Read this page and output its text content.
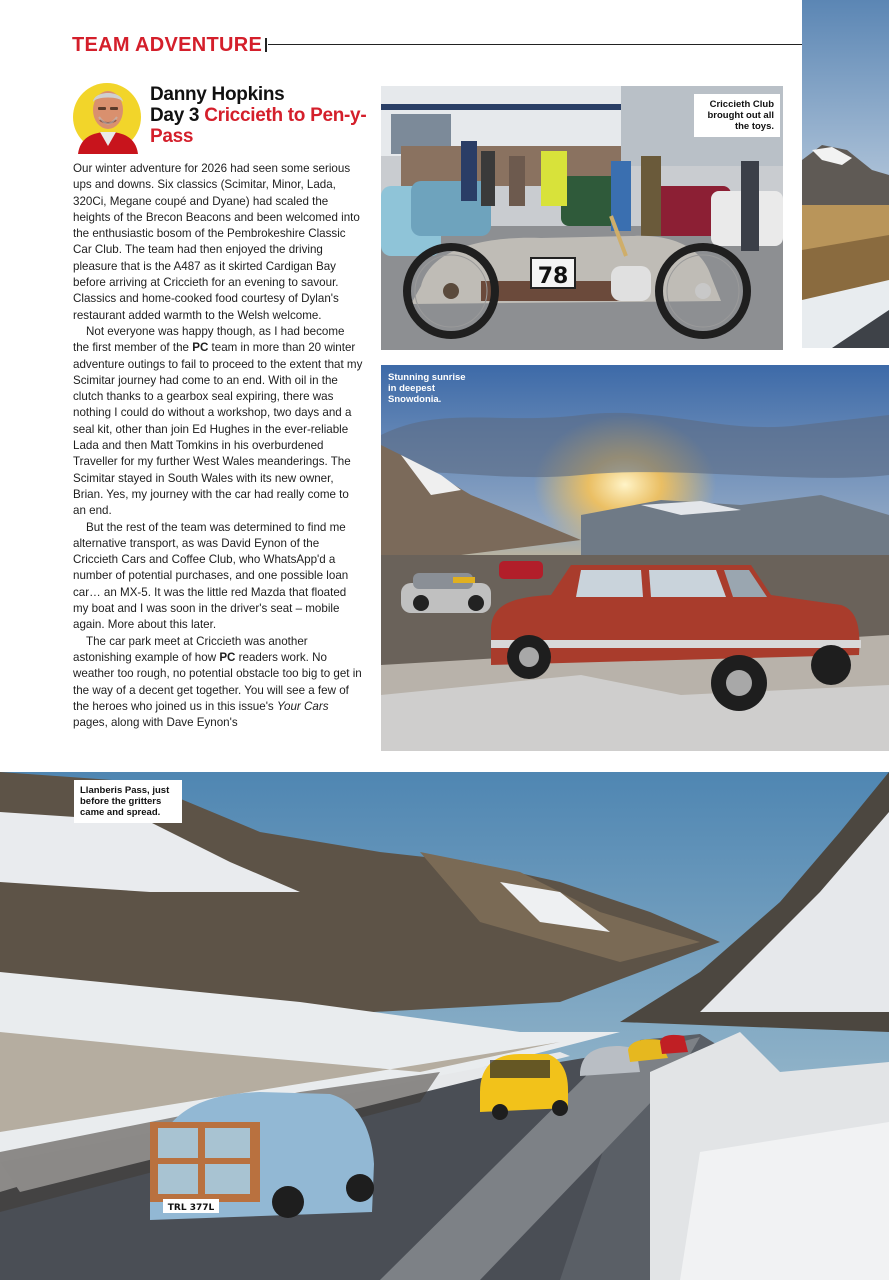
TEAM ADVENTURE
Danny Hopkins
Day 3 Criccieth to Pen-y-Pass

Our winter adventure for 2026 had seen some serious ups and downs. Six classics (Scimitar, Minor, Lada, 320Ci, Megane coupé and Dyane) had scaled the heights of the Brecon Beacons and been welcomed into the enthusiastic bosom of the Pembrokeshire Classic Car Club. The team had then enjoyed the driving pleasure that is the A487 as it skirted Cardigan Bay before arriving at Criccieth for an evening to savour. Classics and home-cooked food courtesy of Dylan's restaurant added warmth to the Welsh welcome.

Not everyone was happy though, as I had become the first member of the PC team in more than 20 winter adventure outings to fail to proceed to the extent that my Scimitar journey had come to an end. With oil in the clutch thanks to a gearbox seal expiring, there was nothing I could do without a workshop, two days and a seal kit, other than join Ed Hughes in the ever-reliable Lada and then Matt Tomkins in his overburdened Traveller for my further West Wales meanderings. The Scimitar stayed in South Wales with its new owner, Brian. Yes, my journey with the car had really come to an end.

But the rest of the team was determined to find me alternative transport, as was David Eynon of the Criccieth Cars and Coffee Club, who WhatsApp'd a number of potential purchases, and one possible loan car… an MX-5. It was the little red Mazda that floated my boat and I was soon in the driver's seat – mobile again. More about this later.

The car park meet at Criccieth was another astonishing example of how PC readers work. No weather too rough, no potential obstacle too big to get in the way of a decent get together. You will see a few of the heroes who joined us in this issue's Your Cars pages, along with Dave Eynon's

78
Criccieth Club brought out all the toys.
Stunning sunrise in deepest Snowdonia.
TRL 377L
Llanberis Pass, just before the gritters came and spread.
